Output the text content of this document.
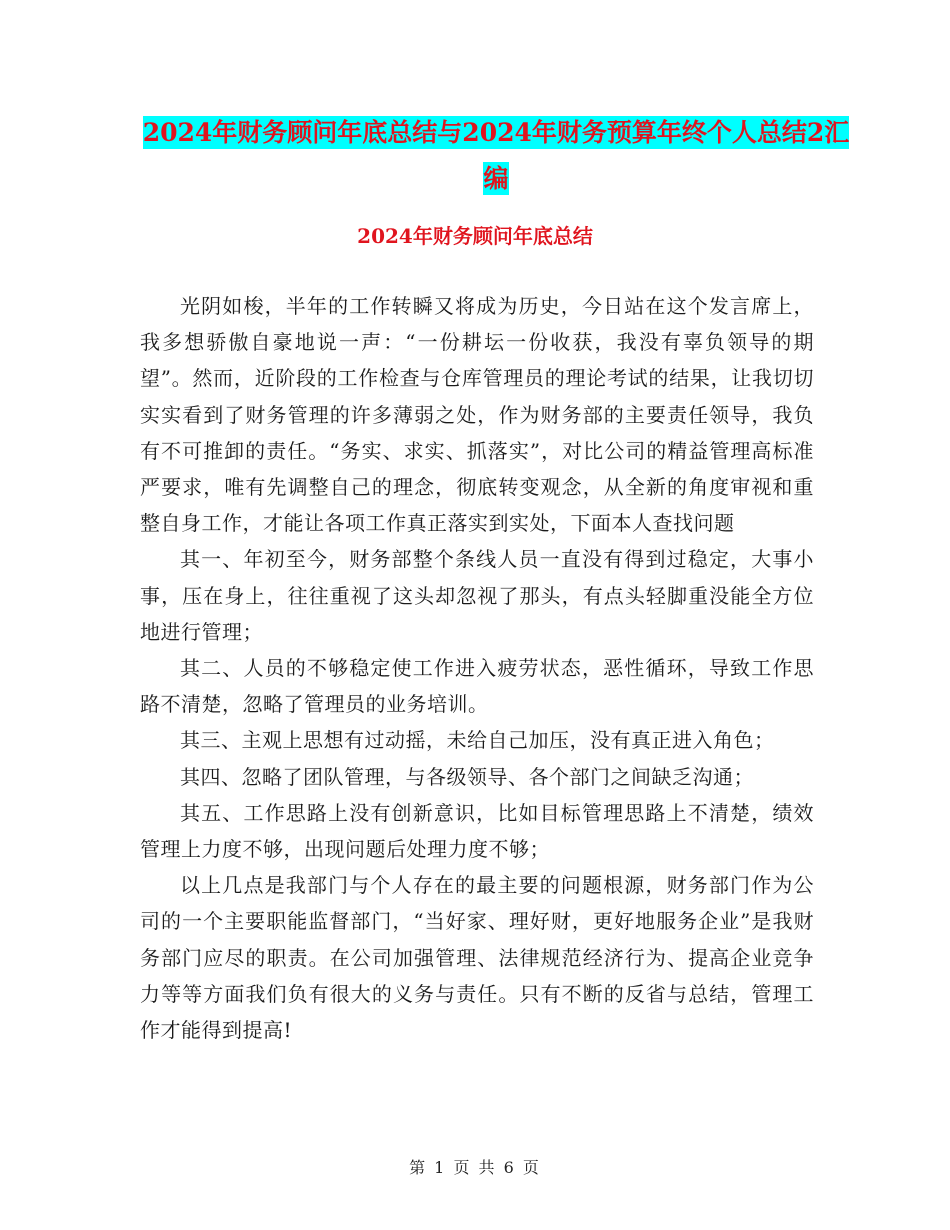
2024年财务顾问年底总结与2024年财务预算年终个人总结2汇编
2024年财务顾问年底总结

光阴如梭，半年的工作转瞬又将成为历史，今日站在这个发言席上，我多想骄傲自豪地说一声：“一份耕坛一份收获，我没有辜负领导的期望”。然而，近阶段的工作检查与仓库管理员的理论考试的结果，让我切切实实看到了财务管理的许多薄弱之处，作为财务部的主要责任领导，我负有不可推卸的责任。“务实、求实、抓落实”，对比公司的精益管理高标准严要求，唯有先调整自己的理念，彻底转变观念，从全新的角度审视和重整自身工作，才能让各项工作真正落实到实处，下面本人查找问题

其一、年初至今，财务部整个条线人员一直没有得到过稳定，大事小事，压在身上，往往重视了这头却忽视了那头，有点头轻脚重没能全方位地进行管理；

其二、人员的不够稳定使工作进入疲劳状态，恶性循环，导致工作思路不清楚，忽略了管理员的业务培训。

其三、主观上思想有过动摇，未给自己加压，没有真正进入角色；

其四、忽略了团队管理，与各级领导、各个部门之间缺乏沟通；

其五、工作思路上没有创新意识，比如目标管理思路上不清楚，绩效管理上力度不够，出现问题后处理力度不够；

以上几点是我部门与个人存在的最主要的问题根源，财务部门作为公司的一个主要职能监督部门，“当好家、理好财，更好地服务企业”是我财务部门应尽的职责。在公司加强管理、法律规范经济行为、提高企业竞争力等等方面我们负有很大的义务与责任。只有不断的反省与总结，管理工作才能得到提高!

第 1 页 共 6 页
